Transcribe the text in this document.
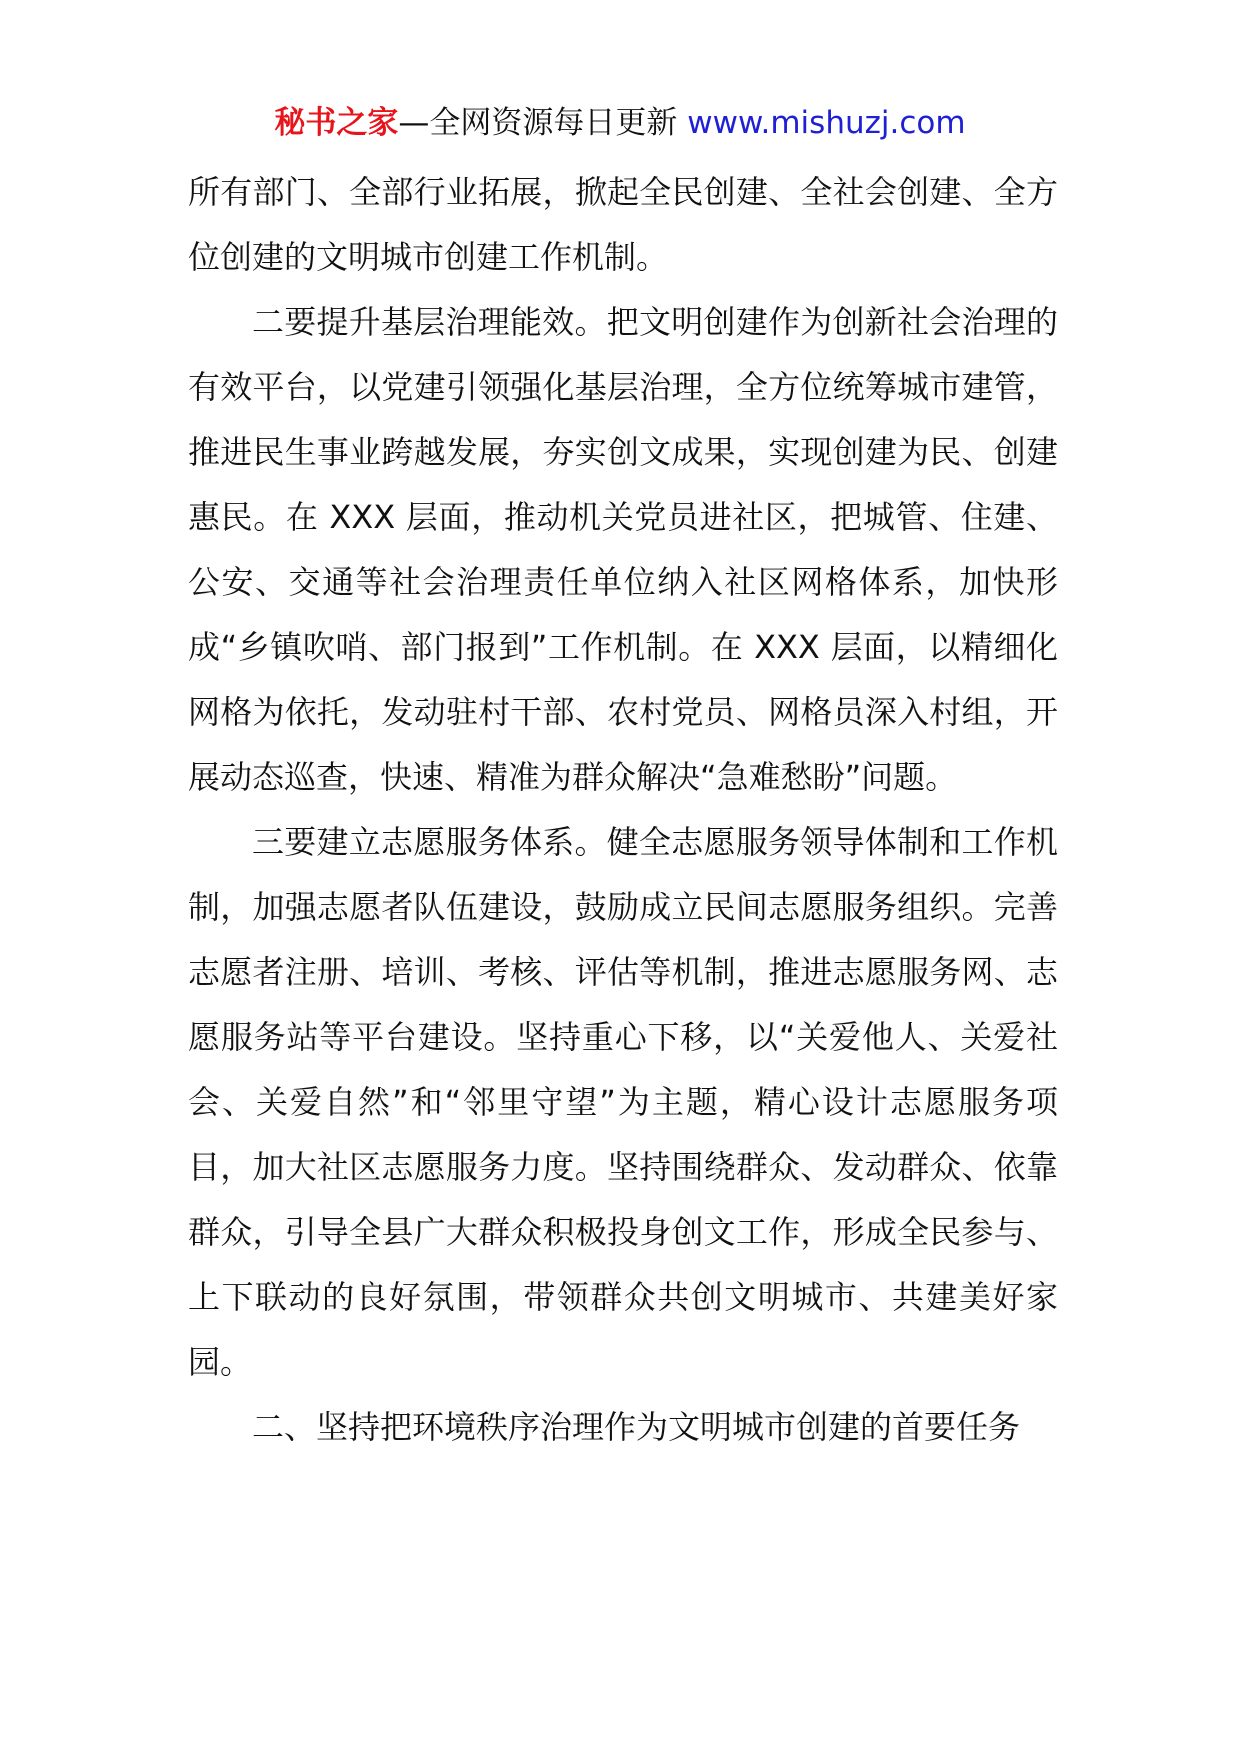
秘书之家—全网资源每日更新 www.mishuzj.com

所有部门、全部行业拓展，掀起全民创建、全社会创建、全方位创建的文明城市创建工作机制。

二要提升基层治理能效。把文明创建作为创新社会治理的有效平台，以党建引领强化基层治理，全方位统筹城市建管，推进民生事业跨越发展，夯实创文成果，实现创建为民、创建惠民。在 XXX 层面，推动机关党员进社区，把城管、住建、公安、交通等社会治理责任单位纳入社区网格体系，加快形成“乡镇吹哨、部门报到”工作机制。在 XXX 层面，以精细化网格为依托，发动驻村干部、农村党员、网格员深入村组，开展动态巡查，快速、精准为群众解决“急难愁盼”问题。

三要建立志愿服务体系。健全志愿服务领导体制和工作机制，加强志愿者队伍建设，鼓励成立民间志愿服务组织。完善志愿者注册、培训、考核、评估等机制，推进志愿服务网、志愿服务站等平台建设。坚持重心下移，以“关爱他人、关爱社会、关爱自然”和“邻里守望”为主题，精心设计志愿服务项目，加大社区志愿服务力度。坚持围绕群众、发动群众、依靠群众，引导全县广大群众积极投身创文工作，形成全民参与、上下联动的良好氛围，带领群众共创文明城市、共建美好家园。

二、坚持把环境秩序治理作为文明城市创建的首要任务
